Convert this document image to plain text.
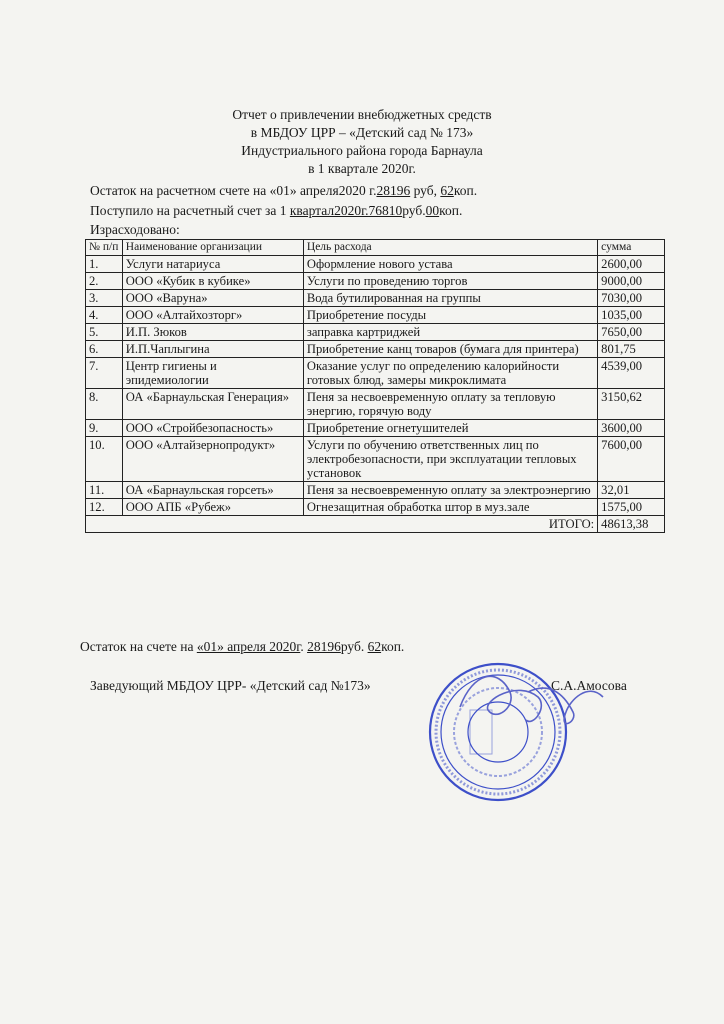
Отчет о привлечении внебюджетных средств
в МБДОУ ЦРР – «Детский сад № 173»
Индустриального района города Барнаула
в 1 квартале 2020г.
Остаток на расчетном счете на «01» апреля2020 г.28196 руб, 62коп.
Поступило на расчетный счет за 1 квартал2020г.76810руб.00коп.
Израсходовано:
№ п/п	Наименование организации	Цель расхода	сумма
1.	Услуги натариуса	Оформление нового устава	2600,00
2.	ООО «Кубик в кубике»	Услуги по проведению торгов	9000,00
3.	ООО «Варуна»	Вода бутилированная на группы	7030,00
4.	ООО «Алтайхозторг»	Приобретение посуды	1035,00
5.	И.П. Зюков	заправка картриджей	7650,00
6.	И.П.Чаплыгина	Приобретение канц товаров (бумага для принтера)	801,75
7.	Центр гигиены и эпидемиологии	Оказание услуг по определению калорийности готовых блюд, замеры микроклимата	4539,00
8.	ОА «Барнаульская Генерация»	Пеня за несвоевременную оплату за тепловую энергию, горячую воду	3150,62
9.	ООО «Стройбезопасность»	Приобретение огнетушителей	3600,00
10.	ООО «Алтайзернопродукт»	Услуги по обучению ответственных лиц по электробезопасности, при эксплуатации тепловых установок	7600,00
11.	ОА «Барнаульская горсеть»	Пеня за несвоевременную оплату за электроэнергию	32,01
12.	ООО АПБ «Рубеж»	Огнезащитная обработка штор в муз.зале	1575,00
ИТОГО:			48613,38
Остаток на счете на «01» апреля 2020г. 28196руб. 62коп.
Заведующий МБДОУ ЦРР- «Детский сад №173»	С.А.Амосова
